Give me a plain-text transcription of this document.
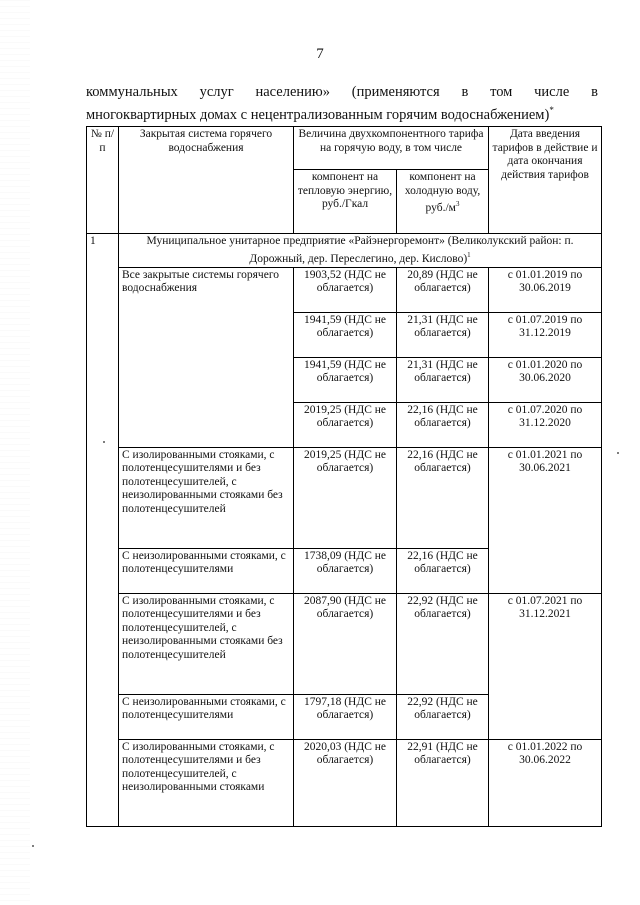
7
коммунальных услуг населению» (применяются в том числе в
многоквартирных домах с нецентрализованным горячим водоснабжением)*
№ п/п	Закрытая система горячего водоснабжения	Величина двухкомпонентного тарифа на горячую воду, в том числе		Дата введения тарифов в действие и дата окончания действия тарифов
		компонент на тепловую энергию, руб./Гкал	компонент на холодную воду, $руб./м^3$
1	Муниципальное унитарное предприятие «Райэнергоремонт» (Великолукский район: п. Дорожный, дер. Переслегино, дер. Кислово)$^1$
	Все закрытые системы горячего водоснабжения	1903,52 (НДС не облагается)	20,89 (НДС не облагается)	с 01.01.2019 по 30.06.2019
		1941,59 (НДС не облагается)	21,31 (НДС не облагается)	с 01.07.2019 по 31.12.2019
		1941,59 (НДС не облагается)	21,31 (НДС не облагается)	с 01.01.2020 по 30.06.2020
		2019,25 (НДС не облагается)	22,16 (НДС не облагается)	с 01.07.2020 по 31.12.2020
	С изолированными стояками, с полотенцесушителями и без полотенцесушителей, с неизолированными стояками без полотенцесушителей	2019,25 (НДС не облагается)	22,16 (НДС не облагается)	с 01.01.2021 по 30.06.2021
	С неизолированными стояками, с полотенцесушителями	1738,09 (НДС не облагается)	22,16 (НДС не облагается)	
	С изолированными стояками, с полотенцесушителями и без полотенцесушителей, с неизолированными стояками без полотенцесушителей	2087,90 (НДС не облагается)	22,92 (НДС не облагается)	с 01.07.2021 по 31.12.2021
	С неизолированными стояками, с полотенцесушителями	1797,18 (НДС не облагается)	22,92 (НДС не облагается)	
	С изолированными стояками, с полотенцесушителями и без полотенцесушителей, с неизолированными стояками	2020,03 (НДС не облагается)	22,91 (НДС не облагается)	с 01.01.2022 по 30.06.2022
